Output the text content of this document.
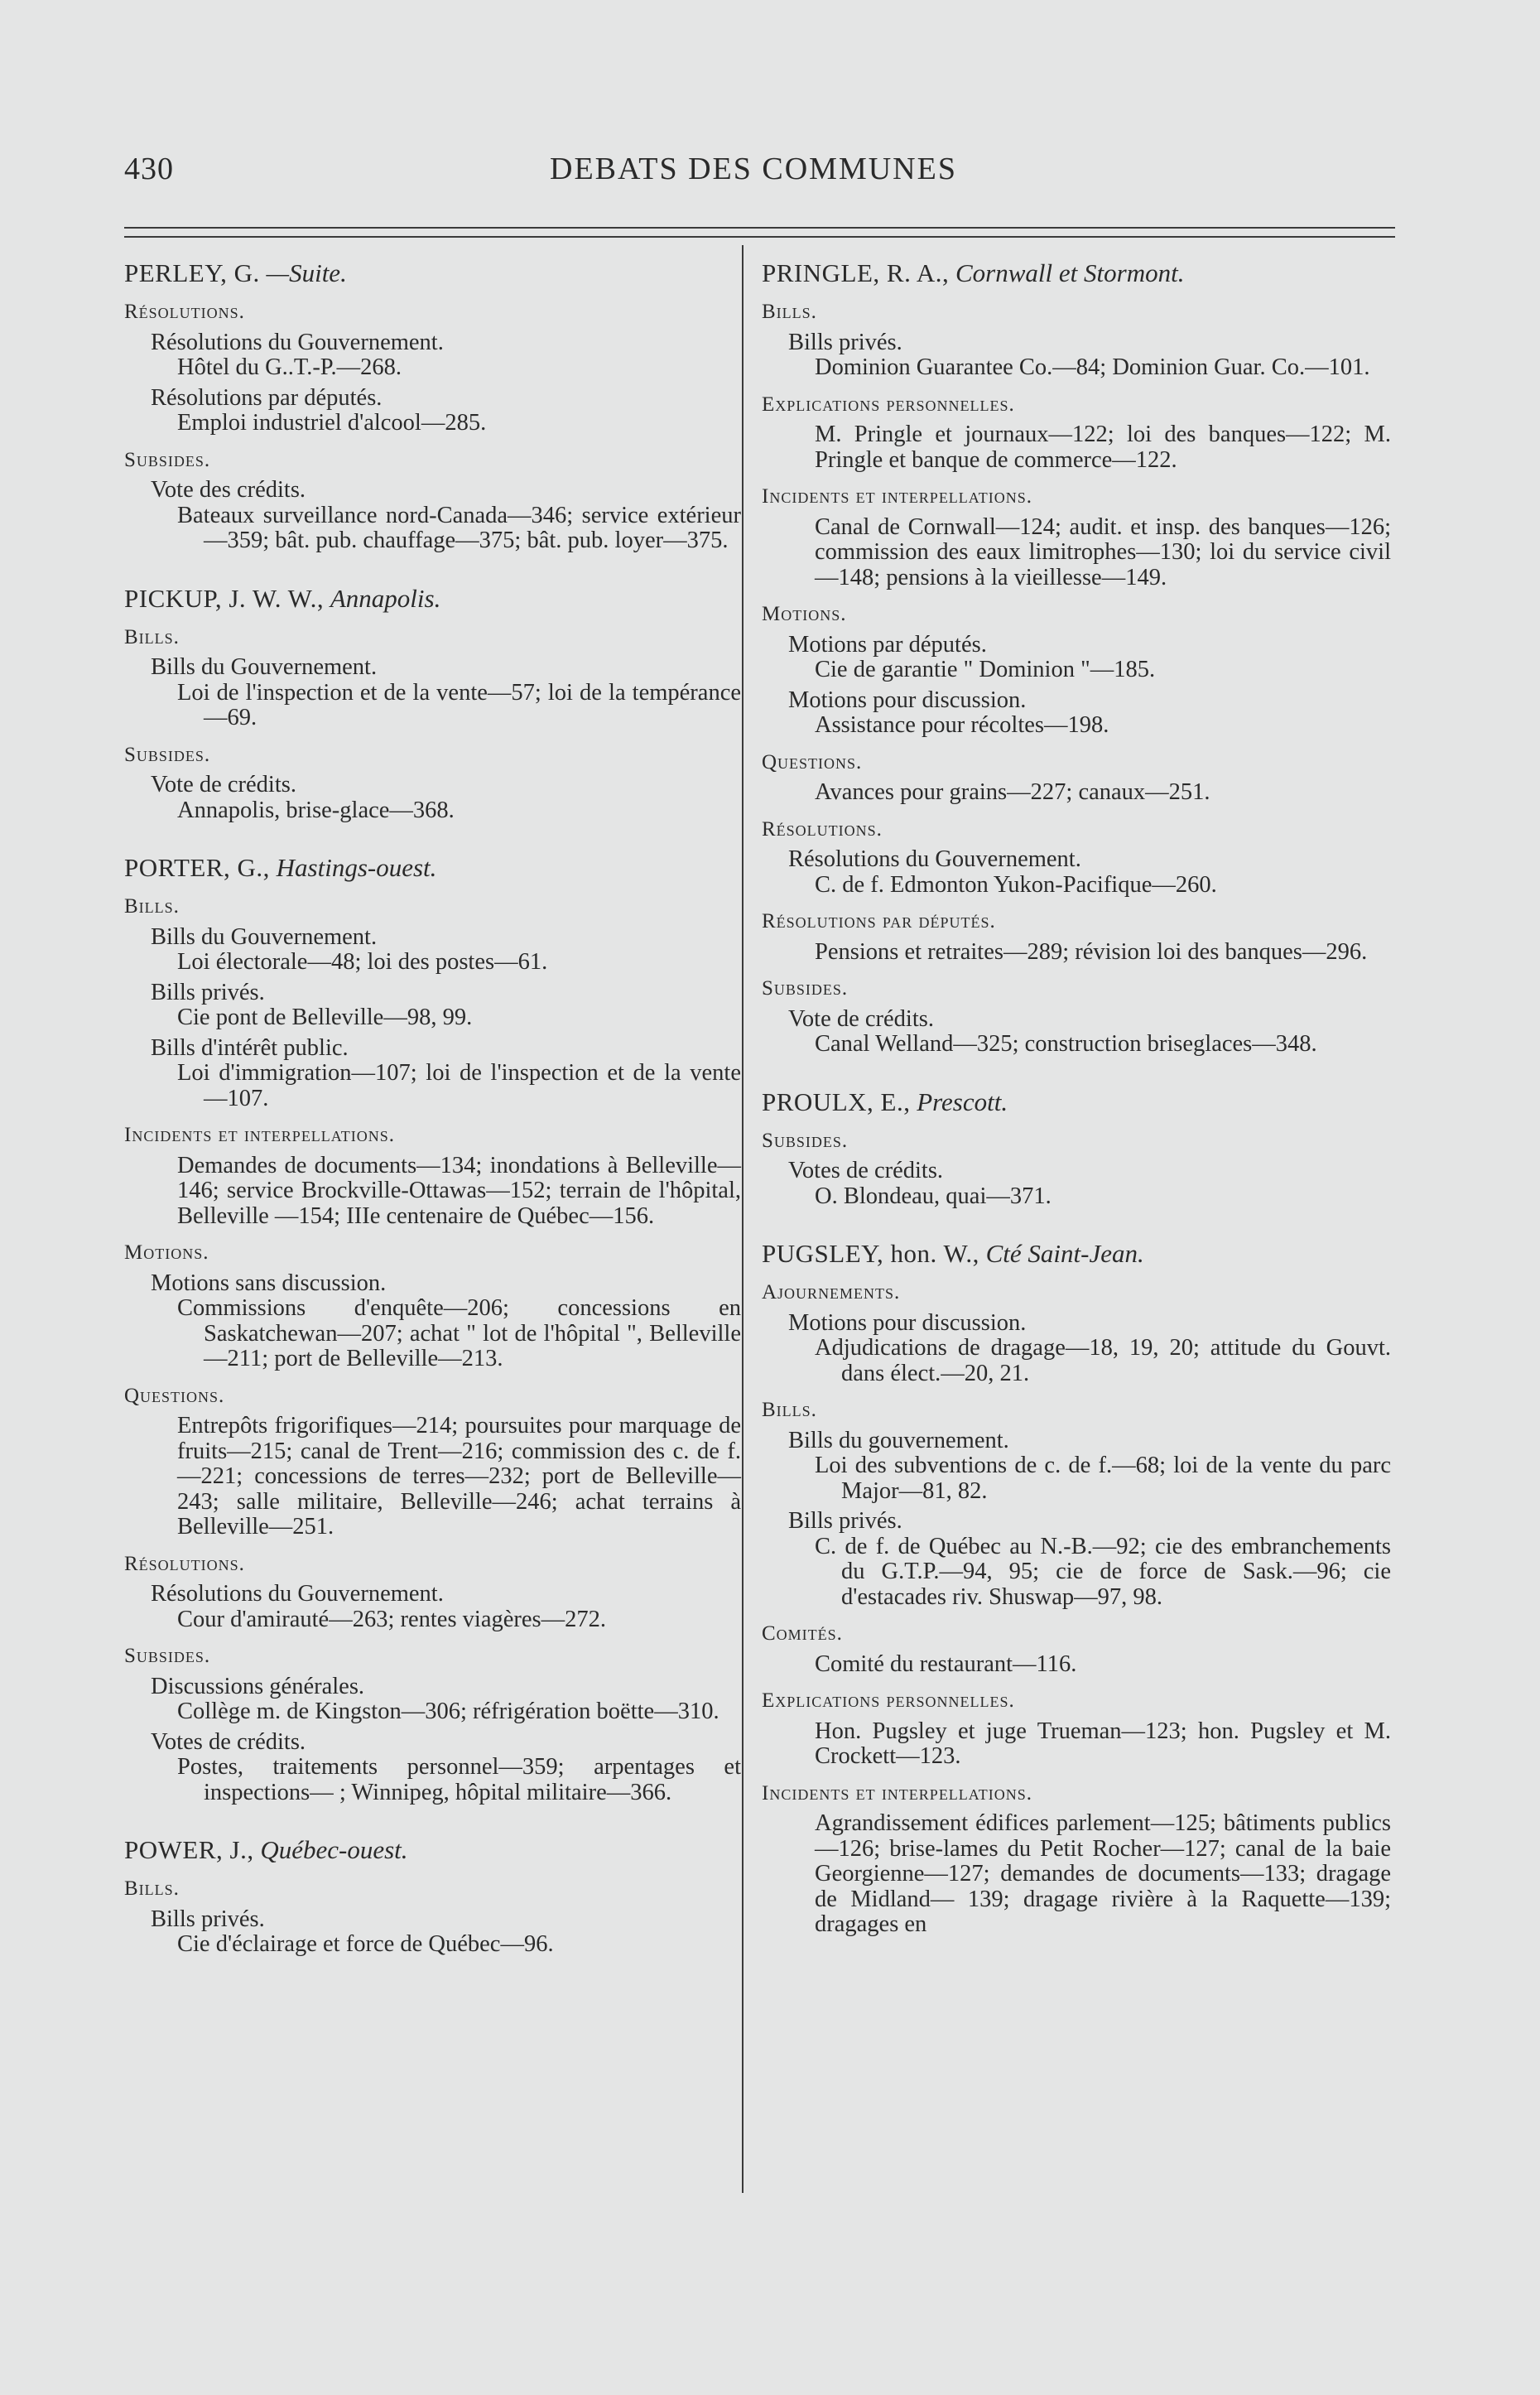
430	DEBATS DES COMMUNES
PERLEY, G. —Suite.
Résolutions.
Résolutions du Gouvernement.
Hôtel du G..T.-P.—268.
Résolutions par députés.
Emploi industriel d'alcool—285.
Subsides.
Vote des crédits.
Bateaux surveillance nord-Canada—346; service extérieur—359; bât. pub. chauffage—375; bât. pub. loyer—375.
PICKUP, J. W. W., Annapolis.
Bills.
Bills du Gouvernement.
Loi de l'inspection et de la vente—57; loi de la tempérance—69.
Subsides.
Vote de crédits.
Annapolis, brise-glace—368.
PORTER, G., Hastings-ouest.
Bills.
Bills du Gouvernement.
Loi électorale—48; loi des postes—61.
Bills privés.
Cie pont de Belleville—98, 99.
Bills d'intérêt public.
Loi d'immigration—107; loi de l'inspection et de la vente—107.
Incidents et interpellations.
Demandes de documents—134; inondations à Belleville—146; service Brockville-Ottawas—152; terrain de l'hôpital, Belleville —154; IIIe centenaire de Québec—156.
Motions.
Motions sans discussion.
Commissions d'enquête—206; concessions en Saskatchewan—207; achat " lot de l'hôpital ", Belleville—211; port de Belleville—213.
Questions.
Entrepôts frigorifiques—214; poursuites pour marquage de fruits—215; canal de Trent—216; commission des c. de f.—221; concessions de terres—232; port de Belleville—243; salle militaire, Belleville—246; achat terrains à Belleville—251.
Résolutions.
Résolutions du Gouvernement.
Cour d'amirauté—263; rentes viagères—272.
Subsides.
Discussions générales.
Collège m. de Kingston—306; réfrigération boëtte—310.
Votes de crédits.
Postes, traitements personnel—359; arpentages et inspections— ; Winnipeg, hôpital militaire—366.
POWER, J., Québec-ouest.
Bills.
Bills privés.
Cie d'éclairage et force de Québec—96.
PRINGLE, R. A., Cornwall et Stormont.
Bills.
Bills privés.
Dominion Guarantee Co.—84; Dominion Guar. Co.—101.
Explications personnelles.
M. Pringle et journaux—122; loi des banques—122; M. Pringle et banque de commerce—122.
Incidents et interpellations.
Canal de Cornwall—124; audit. et insp. des banques—126; commission des eaux limitrophes—130; loi du service civil—148; pensions à la vieillesse—149.
Motions.
Motions par députés.
Cie de garantie " Dominion "—185.
Motions pour discussion.
Assistance pour récoltes—198.
Questions.
Avances pour grains—227; canaux—251.
Résolutions.
Résolutions du Gouvernement.
C. de f. Edmonton Yukon-Pacifique—260.
Résolutions par députés.
Pensions et retraites—289; révision loi des banques—296.
Subsides.
Vote de crédits.
Canal Welland—325; construction briseglaces—348.
PROULX, E., Prescott.
Subsides.
Votes de crédits.
O. Blondeau, quai—371.
PUGSLEY, hon. W., Cté Saint-Jean.
Ajournements.
Motions pour discussion.
Adjudications de dragage—18, 19, 20; attitude du Gouvt. dans élect.—20, 21.
Bills.
Bills du gouvernement.
Loi des subventions de c. de f.—68; loi de la vente du parc Major—81, 82.
Bills privés.
C. de f. de Québec au N.-B.—92; cie des embranchements du G.T.P.—94, 95; cie de force de Sask.—96; cie d'estacades riv. Shuswap—97, 98.
Comités.
Comité du restaurant—116.
Explications personnelles.
Hon. Pugsley et juge Trueman—123; hon. Pugsley et M. Crockett—123.
Incidents et interpellations.
Agrandissement édifices parlement—125; bâtiments publics—126; brise-lames du Petit Rocher—127; canal de la baie Georgienne—127; demandes de documents—133; dragage de Midland— 139; dragage rivière à la Raquette—139; dragages en
